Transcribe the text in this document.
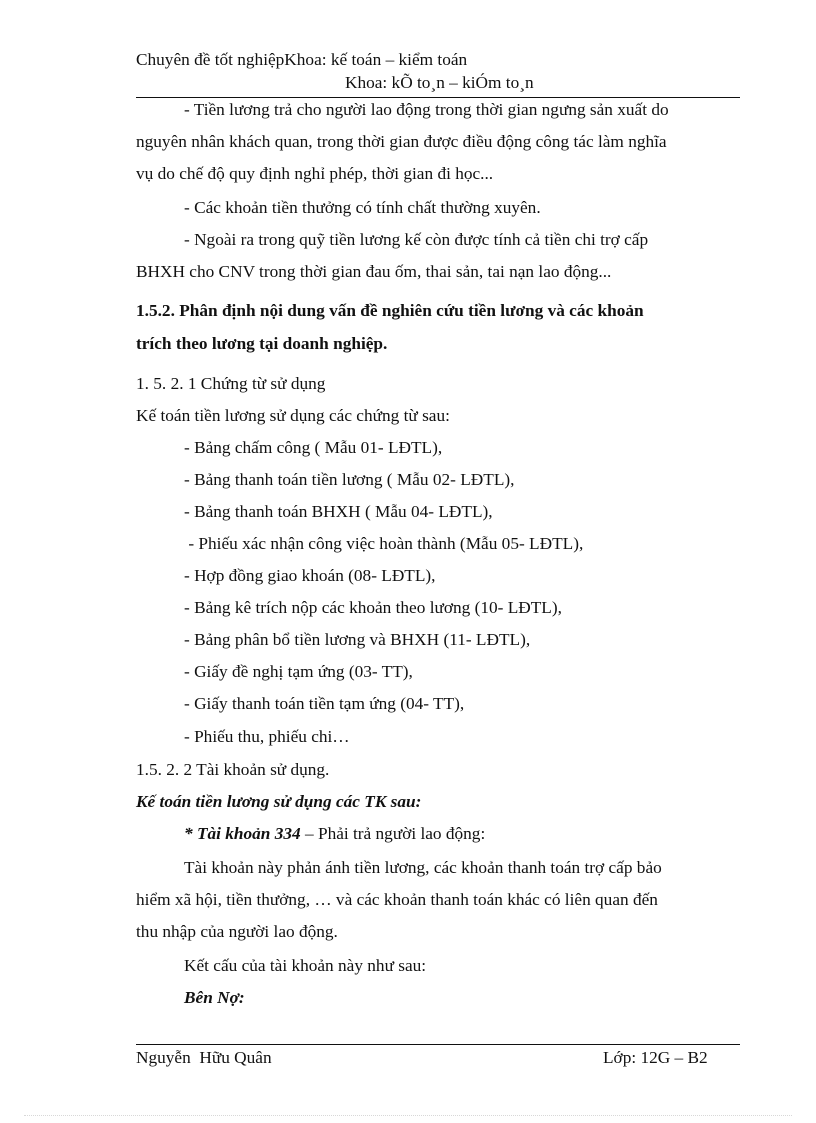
Chuyên đề tốt nghiệpKhoa: kế toán – kiểm toán
Khoa: kÕ to¸n – kiÓm to¸n
- Tiền lương trả cho người lao động trong thời gian ngưng sản xuất do
nguyên nhân khách quan, trong thời gian được điều động công tác làm nghĩa
vụ do chế độ quy định nghỉ phép, thời gian đi học...
- Các khoản tiền thưởng có tính chất thường xuyên.
- Ngoài ra trong quỹ tiền lương kế còn được tính cả tiền chi trợ cấp
BHXH cho CNV trong thời gian đau ốm, thai sản, tai nạn lao động...
1.5.2. Phân định nội dung vấn đề nghiên cứu tiền lương và các khoản
trích theo lương tại doanh nghiệp.
1. 5. 2. 1 Chứng từ sử dụng
Kế toán tiền lương sử dụng các chứng từ sau:
- Bảng chấm công ( Mẫu 01- LĐTL),
- Bảng thanh toán tiền lương ( Mẫu 02- LĐTL),
- Bảng thanh toán BHXH ( Mẫu 04- LĐTL),
- Phiếu xác nhận công việc hoàn thành (Mẫu 05- LĐTL),
- Hợp đồng giao khoán (08- LĐTL),
- Bảng kê trích nộp các khoản theo lương (10- LĐTL),
- Bảng phân bổ tiền lương và BHXH (11- LĐTL),
- Giấy đề nghị tạm ứng (03- TT),
- Giấy thanh toán tiền tạm ứng (04- TT),
- Phiếu thu, phiếu chi…
1.5. 2. 2 Tài khoản sử dụng.
Kế toán tiền lương sử dụng các TK sau:
* Tài khoản 334 – Phải trả người lao động:
Tài khoản này phản ánh tiền lương, các khoản thanh toán trợ cấp bảo
hiểm xã hội, tiền thưởng, … và các khoản thanh toán khác có liên quan đến
thu nhập của người lao động.
Kết cấu của tài khoản này như sau:
Bên Nợ:
Nguyễn  Hữu Quân	Lớp: 12G – B2
